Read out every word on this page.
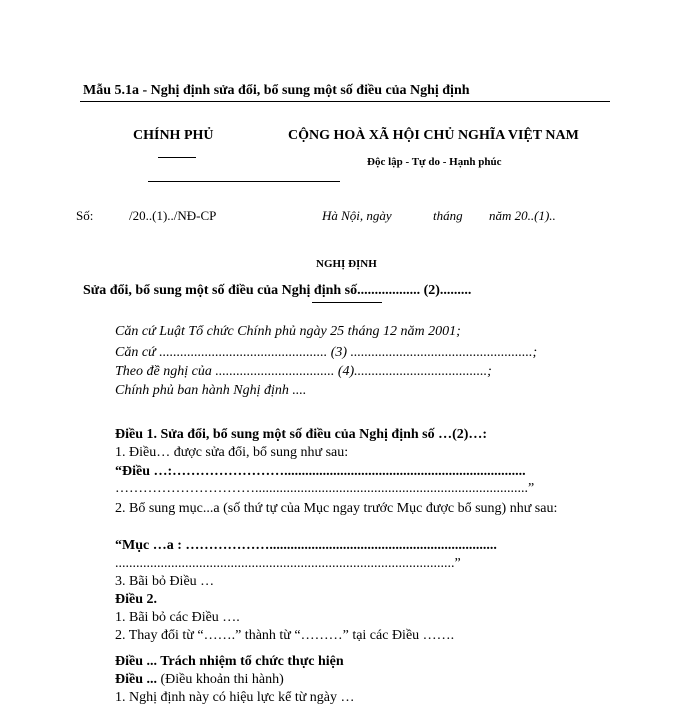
Mẫu 5.1a - Nghị định sửa đổi, bổ sung một số điều của Nghị định
CHÍNH PHỦ	CỘNG HOÀ XÃ HỘI CHỦ NGHĨA VIỆT NAM
Độc lập - Tự do - Hạnh phúc
Số:	/20..(1)../NĐ-CP	Hà Nội, ngày	tháng năm 20..(1)..
NGHỊ ĐỊNH
Sửa đổi, bổ sung một số điều của Nghị định số.................. (2).........
Căn cứ Luật Tổ chức Chính phủ ngày 25 tháng 12 năm 2001;
Căn cứ ................................................ (3) ....................................................;
Theo đề nghị của .................................. (4)......................................;
Chính phủ ban hành Nghị định ....
Điều 1. Sửa đổi, bổ sung một số điều của Nghị định số …(2)…:
1. Điều… được sửa đổi, bổ sung như sau:
“Điều …:…………………….....................................................................
…………………………..............................................................................”
2. Bổ sung mục...a (số thứ tự của Mục ngay trước Mục được bổ sung) như sau:
“Mục …a : ……………….................................................................
.................................................................................................”
3. Bãi bỏ Điều …
Điều 2.
1. Bãi bỏ các Điều ….
2. Thay đổi từ “…….” thành từ “………” tại các Điều …….
Điều ... Trách nhiệm tổ chức thực hiện
Điều ... (Điều khoản thi hành)
1. Nghị định này có hiệu lực kể từ ngày …
